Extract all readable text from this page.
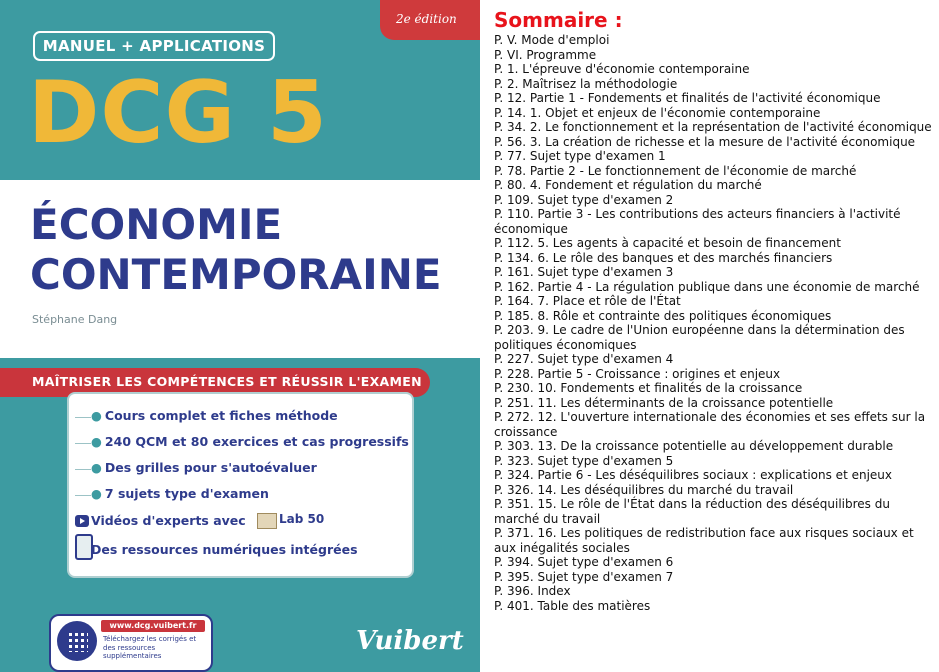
2e édition
MANUEL + APPLICATIONS
DCG 5
ÉCONOMIE
CONTEMPORAINE
Stéphane Dang
MAÎTRISER LES COMPÉTENCES ET RÉUSSIR L'EXAMEN
● Cours complet et fiches méthode
● 240 QCM et 80 exercices et cas progressifs
● Des grilles pour s'autoévaluer
● 7 sujets type d'examen
Vidéos d'experts avec	Lab 50
Des ressources numériques intégrées
www.dcg.vuibert.fr
Téléchargez les corrigés et des ressources supplémentaires	Vuibert
Sommaire :
P. V. Mode d'emploi
P. VI. Programme
P. 1. L'épreuve d'économie contemporaine
P. 2. Maîtrisez la méthodologie
P. 12. Partie 1 - Fondements et finalités de l'activité économique
P. 14. 1. Objet et enjeux de l'économie contemporaine
P. 34. 2. Le fonctionnement et la représentation de l'activité économique
P. 56. 3. La création de richesse et la mesure de l'activité économique
P. 77. Sujet type d'examen 1
P. 78. Partie 2 - Le fonctionnement de l'économie de marché
P. 80. 4. Fondement et régulation du marché
P. 109. Sujet type d'examen 2
P. 110. Partie 3 - Les contributions des acteurs financiers à l'activité économique
P. 112. 5. Les agents à capacité et besoin de financement
P. 134. 6. Le rôle des banques et des marchés financiers
P. 161. Sujet type d'examen 3
P. 162. Partie 4 - La régulation publique dans une économie de marché
P. 164. 7. Place et rôle de l'État
P. 185. 8. Rôle et contrainte des politiques économiques
P. 203. 9. Le cadre de l'Union européenne dans la détermination des politiques économiques
P. 227. Sujet type d'examen 4
P. 228. Partie 5 - Croissance : origines et enjeux
P. 230. 10. Fondements et finalités de la croissance
P. 251. 11. Les déterminants de la croissance potentielle
P. 272. 12. L'ouverture internationale des économies et ses effets sur la croissance
P. 303. 13. De la croissance potentielle au développement durable
P. 323. Sujet type d'examen 5
P. 324. Partie 6 - Les déséquilibres sociaux : explications et enjeux
P. 326. 14. Les déséquilibres du marché du travail
P. 351. 15. Le rôle de l'État dans la réduction des déséquilibres du marché du travail
P. 371. 16. Les politiques de redistribution face aux risques sociaux et aux inégalités sociales
P. 394. Sujet type d'examen 6
P. 395. Sujet type d'examen 7
P. 396. Index
P. 401. Table des matières
